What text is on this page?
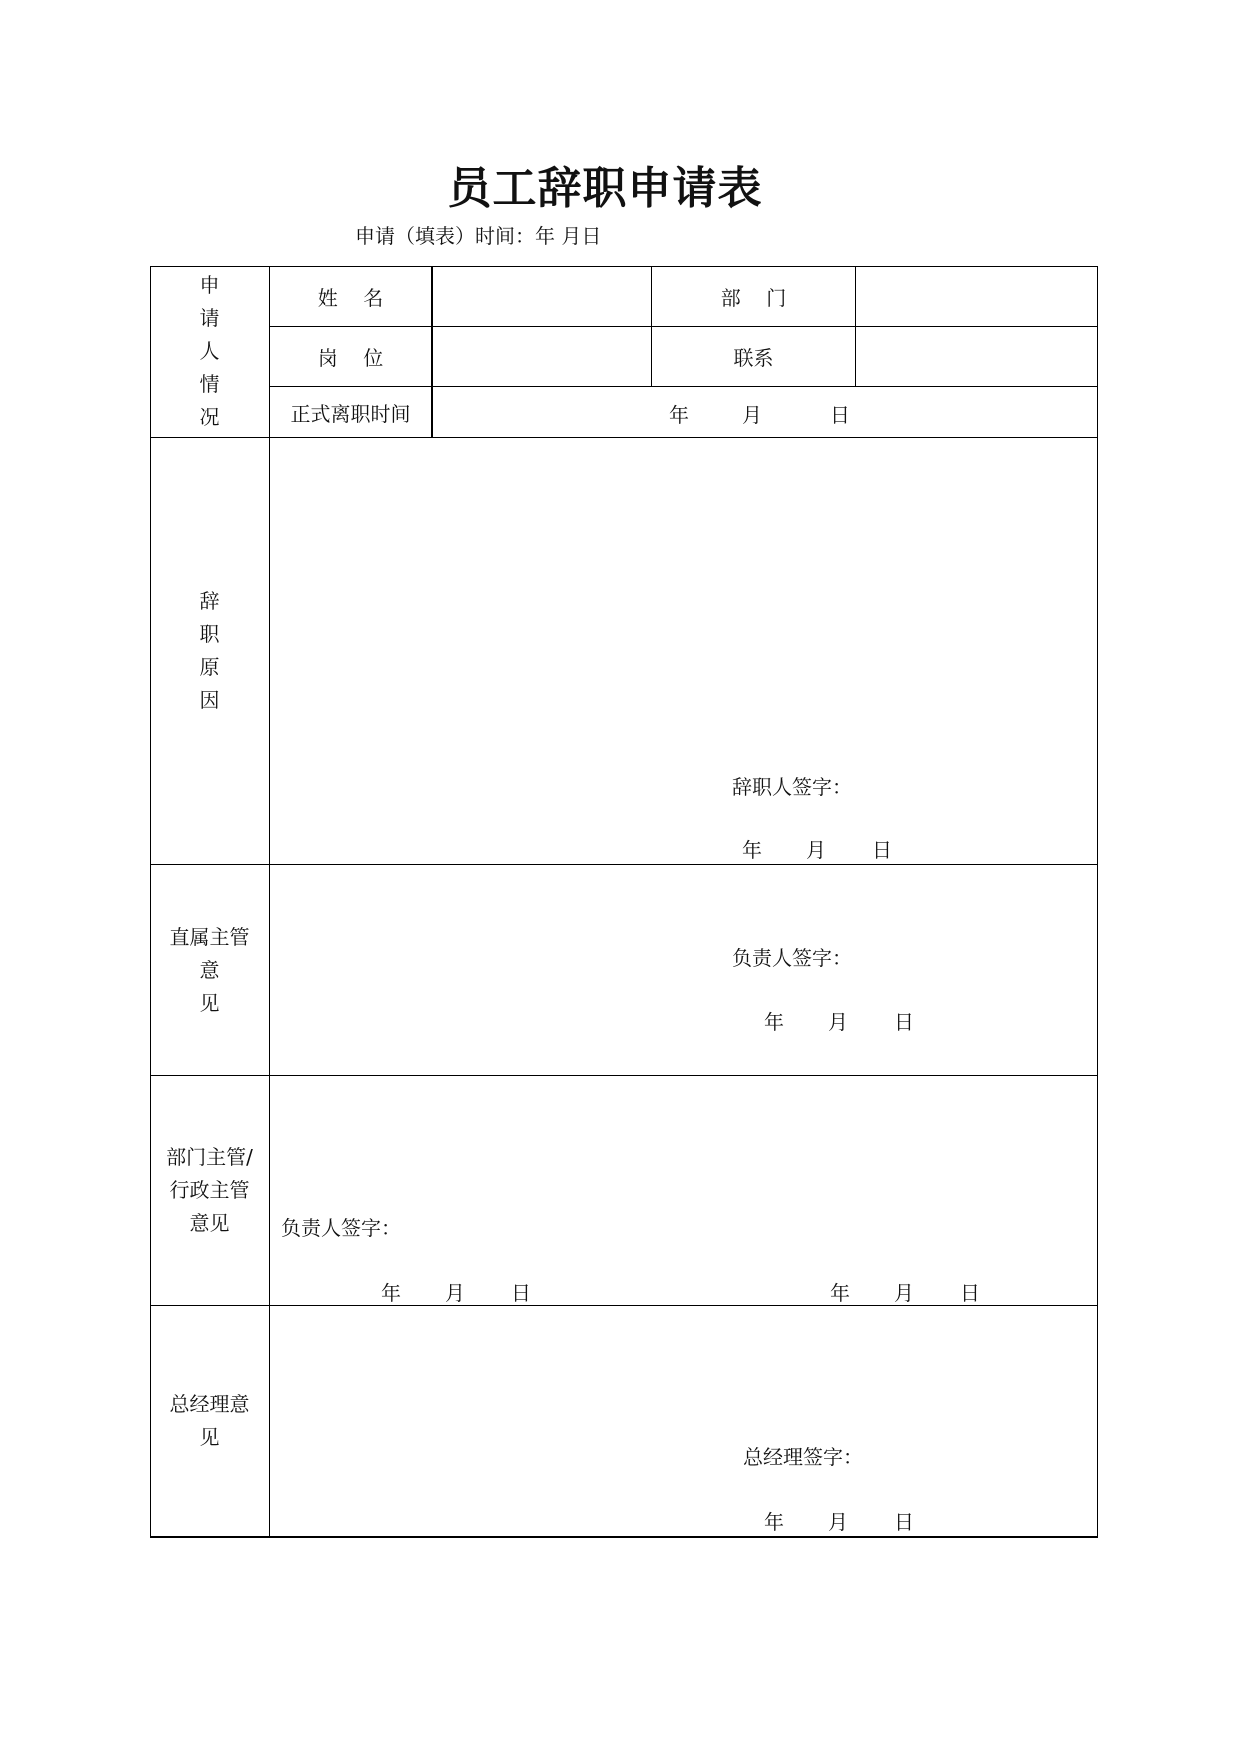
员工辞职申请表
申请（填表）时间：年 月日
申
请
人
情
况
姓    名	部    门
岗    位	联系
正式离职时间	年	月	日
辞
职
原
因
辞职人签字：
年 月 日
直属主管
意
见
负责人签字：
年 月 日
部门主管/
行政主管
意见	负责人签字：
年 月 日	年 月 日
总经理意
见
总经理签字：
年 月 日
